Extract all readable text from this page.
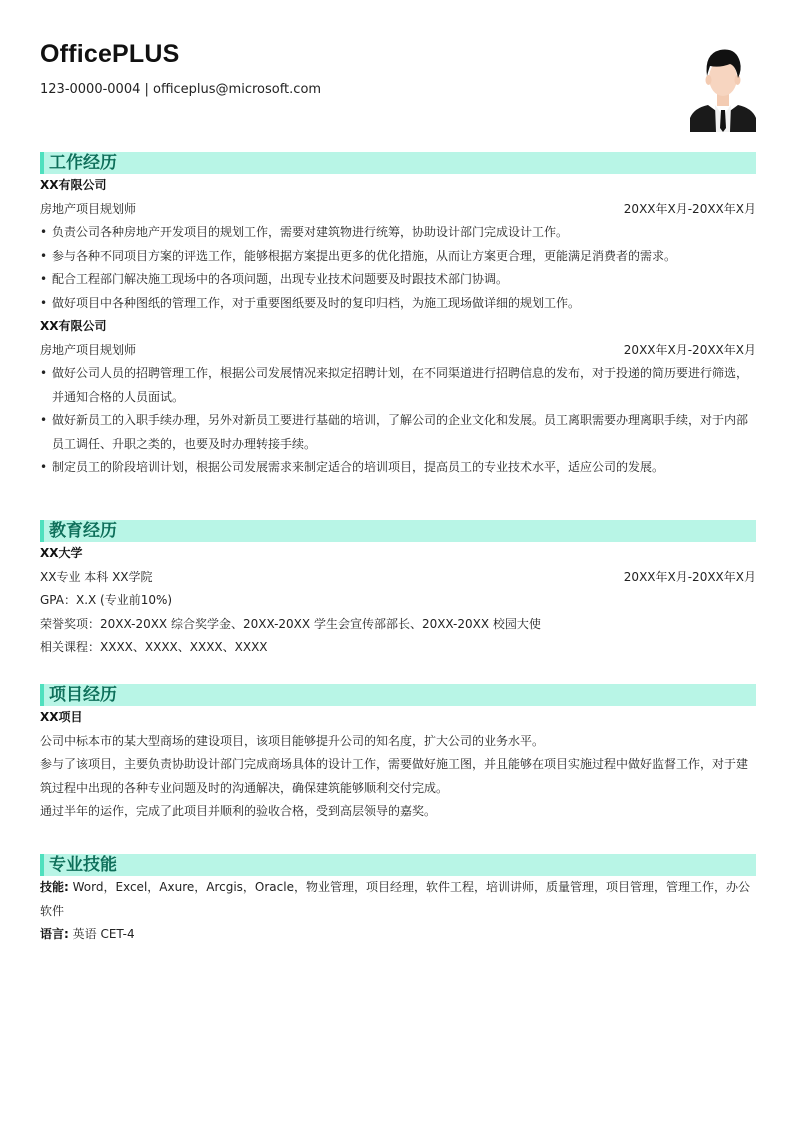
OfficePLUS
123-0000-0004 | officeplus@microsoft.com
工作经历
XX有限公司
房地产项目规划师	20XX年X月-20XX年X月
• 负责公司各种房地产开发项目的规划工作，需要对建筑物进行统筹，协助设计部门完成设计工作。
• 参与各种不同项目方案的评选工作，能够根据方案提出更多的优化措施，从而让方案更合理，更能满足消费者的需求。
• 配合工程部门解决施工现场中的各项问题，出现专业技术问题要及时跟技术部门协调。
• 做好项目中各种图纸的管理工作，对于重要图纸要及时的复印归档，为施工现场做详细的规划工作。
XX有限公司
房地产项目规划师	20XX年X月-20XX年X月
• 做好公司人员的招聘管理工作，根据公司发展情况来拟定招聘计划，在不同渠道进行招聘信息的发布，对于投递的简历要进行筛选，并通知合格的人员面试。
• 做好新员工的入职手续办理，另外对新员工要进行基础的培训，了解公司的企业文化和发展。员工离职需要办理离职手续，对于内部员工调任、升职之类的，也要及时办理转接手续。
• 制定员工的阶段培训计划，根据公司发展需求来制定适合的培训项目，提高员工的专业技术水平，适应公司的发展。
教育经历
XX大学
XX专业 本科 XX学院	20XX年X月-20XX年X月
GPA：X.X (专业前10%)
荣誉奖项：20XX-20XX 综合奖学金、20XX-20XX 学生会宣传部部长、20XX-20XX 校园大使
相关课程：XXXX、XXXX、XXXX、XXXX
项目经历
XX项目
公司中标本市的某大型商场的建设项目，该项目能够提升公司的知名度，扩大公司的业务水平。
参与了该项目，主要负责协助设计部门完成商场具体的设计工作，需要做好施工图，并且能够在项目实施过程中做好监督工作，对于建筑过程中出现的各种专业问题及时的沟通解决，确保建筑能够顺利交付完成。
通过半年的运作，完成了此项目并顺利的验收合格，受到高层领导的嘉奖。
专业技能
技能: Word，Excel，Axure，Arcgis，Oracle，物业管理，项目经理，软件工程，培训讲师，质量管理，项目管理，管理工作，办公软件
语言: 英语 CET-4
